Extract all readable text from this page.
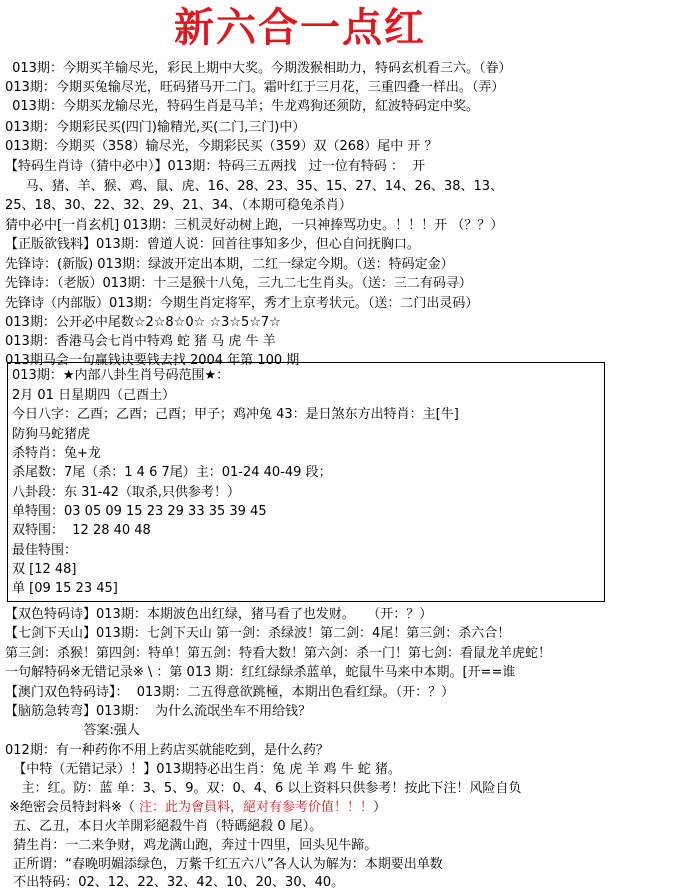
新六合一点红
013期：今期买羊输尽光，彩民上期中大奖。今期泼猴相助力，特码玄机看三六。（眷）
013期：今期买兔输尽光，旺码猪马开二门。霜叶红于三月花，三重四叠一样出。（弄）
013期：今期买龙输尽光，特码生肖是马羊；牛龙鸡狗还须防，紅波特码定中奖。
013期：今期彩民买(四门)输精光,买(二门,三门)中）
013期：今期买（358）输尽光，今期彩民买（359）双（268）尾中 开 ？
【特码生肖诗（猜中必中）】013期：特码三五两找   过一位有特码 ：  开
马、猪、羊、猴、鸡、鼠、虎、16、28、23、35、15、27、14、26、38、13、
25、18、30、22、32、29、21、34、（本期可稳兔杀肖）
猜中必中[一肖玄机] 013期：三机灵好动树上跑，一只神捧骂功史。！！！开 （？？）
【正版欲钱料】013期：曾道人说：回首往事知多少，但心自问抚胸口。
先锋诗：(新版) 013期：绿波开定出本期，二红一绿定今期。（送：特码定金）
先锋诗：（老版）013期：十三是猴十八兔，三九二七生肖头。（送：三二有码寻）
先锋诗（内部版）013期：今期生肖定将军，秀才上京考状元。（送：二门出灵码）
013期：公开必中尾数☆2☆8☆0☆ ☆3☆5☆7☆
013期：香港马会七肖中特鸡 蛇 猪 马 虎 牛 羊
013期马会一句赢钱诀要钱去找 2004 年第 100 期
013期：★内部八卦生肖号码范围★：
2月 01 日星期四（己酉土）
今日八字：乙酉；乙酉；己酉；甲子；鸡冲兔 43：是日煞东方出特肖：主[牛]
防狗马蛇猪虎
杀特肖：兔+龙
杀尾数：7尾（杀：1 4 6 7尾）主：01-24 40-49 段；
八卦段：东 31-42（取杀,只供参考！）
单特围：03 05 09 15 23 29 33 35 39 45
双特围：  12 28 40 48
最佳特围：
双 [12 48]
单 [09 15 23 45]
【双色特码诗】013期：本期波色出红绿，猪马看了也发财。   （开：？）
【七剑下天山】013期：七剑下天山 第一剑：杀绿波！第二剑：4尾！第三剑：杀六合！
第三剑：杀猴！第四剑：特单！第五剑：特看大数！第六剑：杀一门！第七剑：看鼠龙羊虎蛇！
一句解特码※无错记录※ \ ：第 013 期：红红绿绿杀蓝单，蛇鼠牛马来中本期。[开==谁
【澳门双色特码诗】：  013期：二五得意欲跳極，本期出色看红绿。（开：？）
【脑筋急转弯】013期：  为什么流氓坐车不用给钱？
答案:强人
012期：有一种药你不用上药店买就能吃到，是什么药？
【中特（无错记录）！】013期特必出生肖：兔 虎 羊 鸡 牛 蛇 猪。
主：红。防：蓝 单：3、5、9。双：0、4、6 以上资料只供参考！按此下注！风险自负
※绝密会员特封料※（ 注：此为會員料，絕对有参考价值！！！）
五、乙丑，本日火羊開彩絕殺牛肖（特碼絕殺 0 尾）。
猜生肖：一二来争财，鸡龙满山跑，奔过十四里，回头见牛蹄。
正所谓：“春晚明媚添绿色，万紫千红五六八”各人认为解为：本期要出单数
不出特码：02、12、22、32、42、10、20、30、40。
